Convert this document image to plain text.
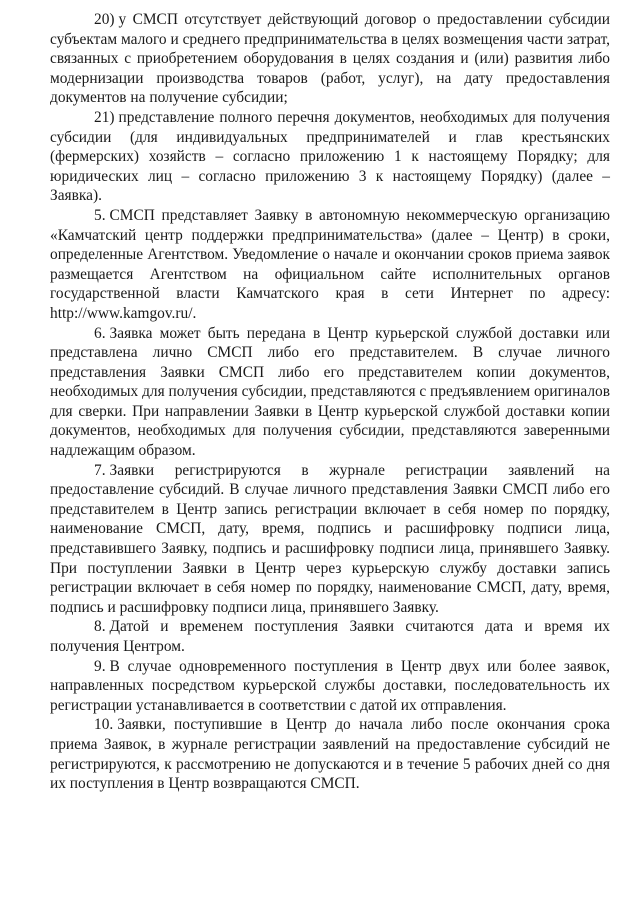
20) у СМСП отсутствует действующий договор о предоставлении субсидии субъектам малого и среднего предпринимательства в целях возмещения части затрат, связанных с приобретением оборудования в целях создания и (или) развития либо модернизации производства товаров (работ, услуг), на дату предоставления документов на получение субсидии;

21) представление полного перечня документов, необходимых для получения субсидии (для индивидуальных предпринимателей и глав крестьянских (фермерских) хозяйств – согласно приложению 1 к настоящему Порядку; для юридических лиц – согласно приложению 3 к настоящему Порядку) (далее – Заявка).

5. СМСП представляет Заявку в автономную некоммерческую организацию «Камчатский центр поддержки предпринимательства» (далее – Центр) в сроки, определенные Агентством. Уведомление о начале и окончании сроков приема заявок размещается Агентством на официальном сайте исполнительных органов государственной власти Камчатского края в сети Интернет по адресу: http://www.kamgov.ru/.

6. Заявка может быть передана в Центр курьерской службой доставки или представлена лично СМСП либо его представителем. В случае личного представления Заявки СМСП либо его представителем копии документов, необходимых для получения субсидии, представляются с предъявлением оригиналов для сверки. При направлении Заявки в Центр курьерской службой доставки копии документов, необходимых для получения субсидии, представляются заверенными надлежащим образом.

7. Заявки регистрируются в журнале регистрации заявлений на предоставление субсидий. В случае личного представления Заявки СМСП либо его представителем в Центр запись регистрации включает в себя номер по порядку, наименование СМСП, дату, время, подпись и расшифровку подписи лица, представившего Заявку, подпись и расшифровку подписи лица, принявшего Заявку. При поступлении Заявки в Центр через курьерскую службу доставки запись регистрации включает в себя номер по порядку, наименование СМСП, дату, время, подпись и расшифровку подписи лица, принявшего Заявку.

8. Датой и временем поступления Заявки считаются дата и время их получения Центром.

9. В случае одновременного поступления в Центр двух или более заявок, направленных посредством курьерской службы доставки, последовательность их регистрации устанавливается в соответствии с датой их отправления.

10. Заявки, поступившие в Центр до начала либо после окончания срока приема Заявок, в журнале регистрации заявлений на предоставление субсидий не регистрируются, к рассмотрению не допускаются и в течение 5 рабочих дней со дня их поступления в Центр возвращаются СМСП.
